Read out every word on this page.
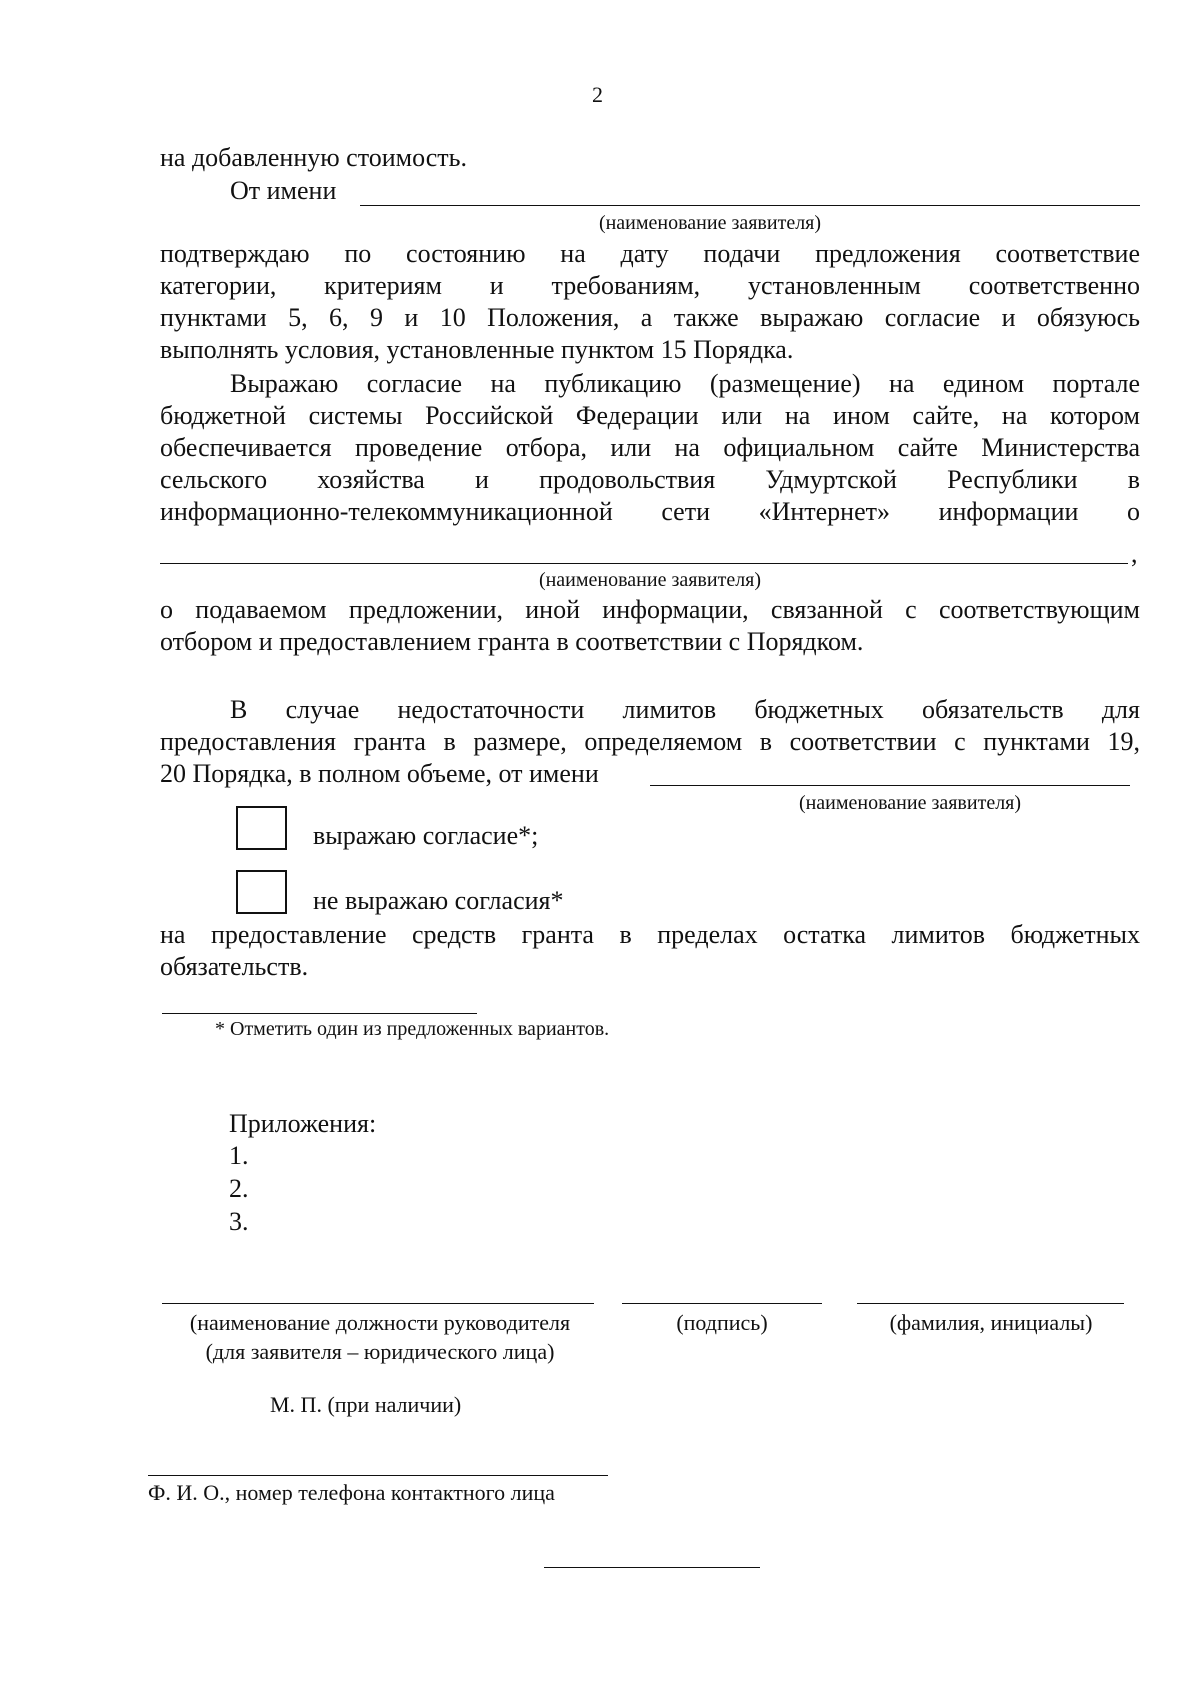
2
на добавленную стоимость.
От имени
(наименование заявителя)
подтверждаю по состоянию на дату подачи предложения соответствие
категории, критериям и требованиям, установленным соответственно
пунктами 5, 6, 9 и 10 Положения, а также выражаю согласие и обязуюсь
выполнять условия, установленные пунктом 15 Порядка.
Выражаю согласие на публикацию (размещение) на едином портале
бюджетной системы Российской Федерации или на ином сайте, на котором
обеспечивается проведение отбора, или на официальном сайте Министерства
сельского хозяйства и продовольствия Удмуртской Республики в
информационно-телекоммуникационной сети «Интернет» информации о
,
(наименование заявителя)
о подаваемом предложении, иной информации, связанной с соответствующим
отбором и предоставлением гранта в соответствии с Порядком.
В случае недостаточности лимитов бюджетных обязательств для
предоставления гранта в размере, определяемом в соответствии с пунктами 19,
20 Порядка, в полном объеме, от имени
(наименование заявителя)
выражаю согласие*;
не выражаю согласия*
на предоставление средств гранта в пределах остатка лимитов бюджетных
обязательств.
* Отметить один из предложенных вариантов.
Приложения:
1.
2.
3.
(наименование должности руководителя
(для заявителя – юридического лица)
(подпись)	(фамилия, инициалы)
М. П. (при наличии)
Ф. И. О., номер телефона контактного лица
